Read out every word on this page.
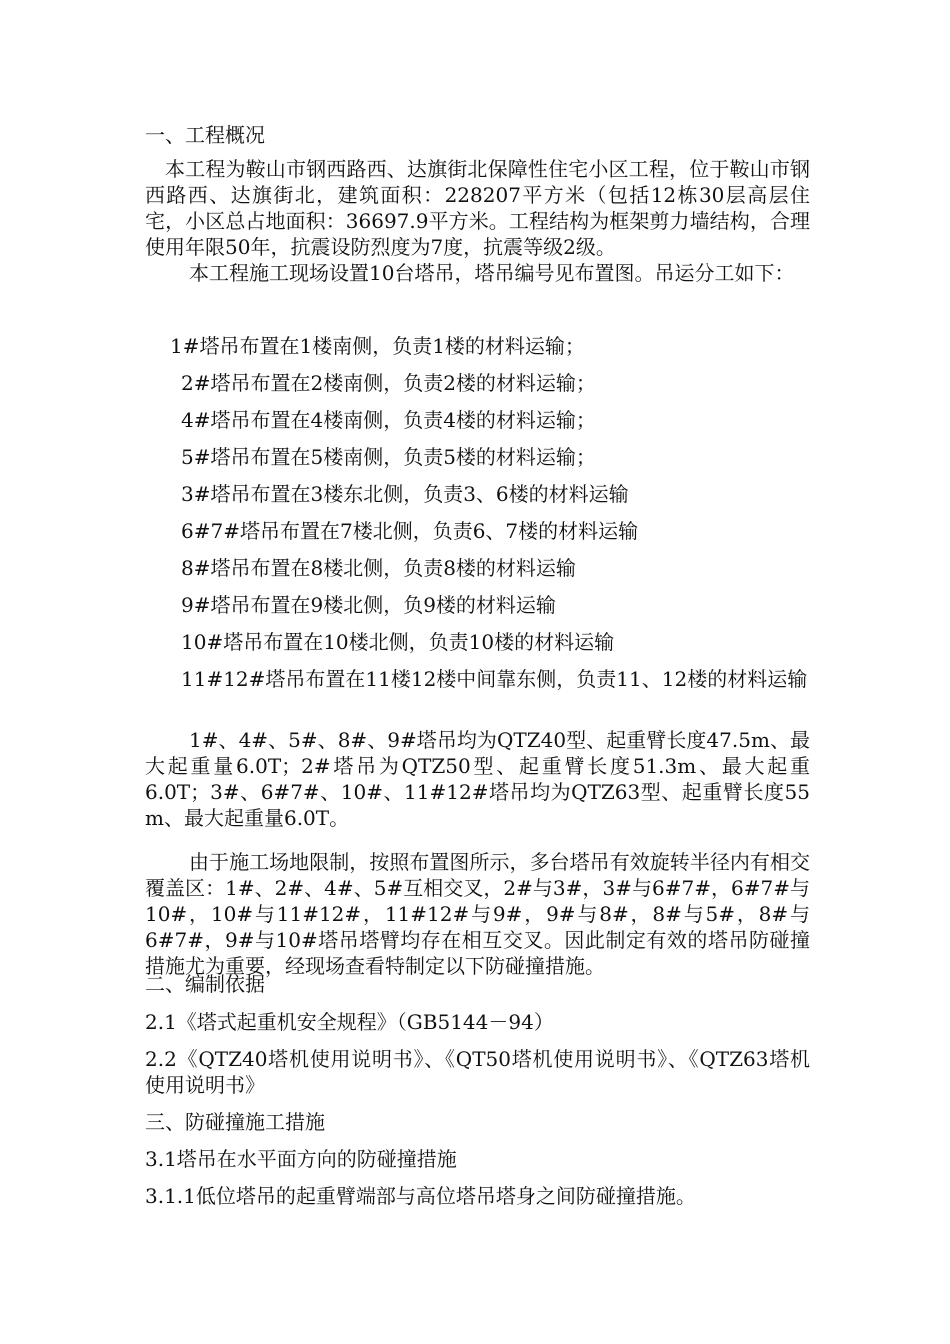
一、工程概况
本工程为鞍山市钢西路西、达旗街北保障性住宅小区工程，位于鞍山市钢西路西、达旗街北，建筑面积：228207平方米（包括12栋30层高层住宅，小区总占地面积：36697.9平方米。工程结构为框架剪力墙结构，合理使用年限50年，抗震设防烈度为7度，抗震等级2级。
本工程施工现场设置10台塔吊，塔吊编号见布置图。吊运分工如下：
1#塔吊布置在1楼南侧，负责1楼的材料运输；
2#塔吊布置在2楼南侧，负责2楼的材料运输；
4#塔吊布置在4楼南侧，负责4楼的材料运输；
5#塔吊布置在5楼南侧，负责5楼的材料运输；
3#塔吊布置在3楼东北侧，负责3、6楼的材料运输
6#7#塔吊布置在7楼北侧，负责6、7楼的材料运输
8#塔吊布置在8楼北侧，负责8楼的材料运输
9#塔吊布置在9楼北侧，负9楼的材料运输
10#塔吊布置在10楼北侧，负责10楼的材料运输
11#12#塔吊布置在11楼12楼中间靠东侧，负责11、12楼的材料运输
1#、4#、5#、8#、9#塔吊均为QTZ40型、起重臂长度47.5m、最大起重量6.0T；2#塔吊为QTZ50型、起重臂长度51.3m、最大起重6.0T；3#、6#7#、10#、11#12#塔吊均为QTZ63型、起重臂长度55 m、最大起重量6.0T。
由于施工场地限制，按照布置图所示，多台塔吊有效旋转半径内有相交覆盖区：1#、2#、4#、5#互相交叉，2#与3#，3#与6#7#，6#7#与10#，10#与11#12#，11#12#与9#，9#与8#，8#与5#，8#与6#7#，9#与10#塔吊塔臂均存在相互交叉。因此制定有效的塔吊防碰撞措施尤为重要，经现场查看特制定以下防碰撞措施。
二、编制依据
2.1《塔式起重机安全规程》（GB5144－94）
2.2《QTZ40塔机使用说明书》、《QT50塔机使用说明书》、《QTZ63塔机使用说明书》
三、防碰撞施工措施
3.1塔吊在水平面方向的防碰撞措施
3.1.1低位塔吊的起重臂端部与高位塔吊塔身之间防碰撞措施。
